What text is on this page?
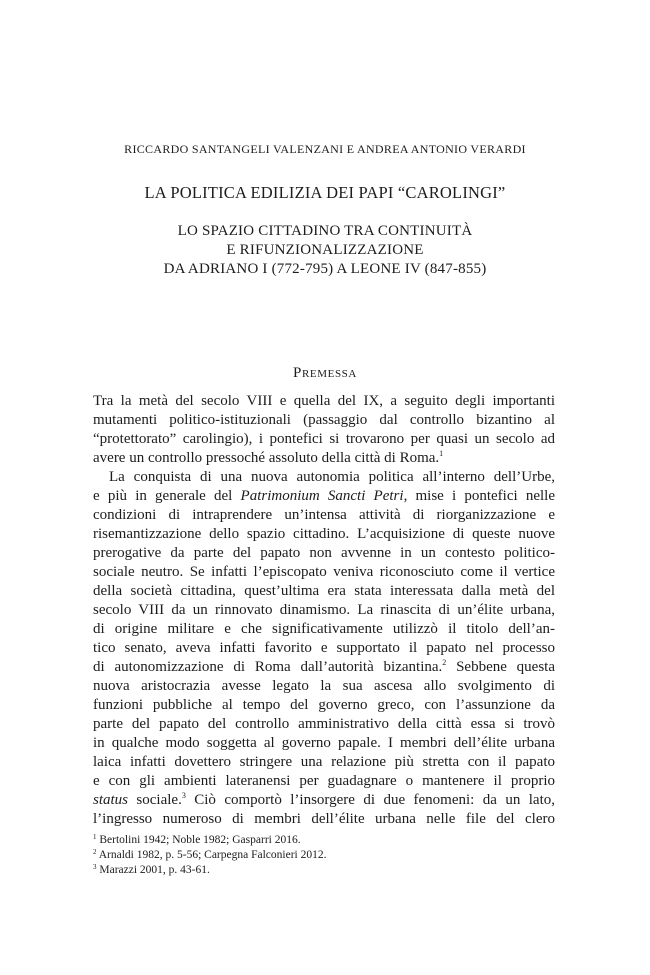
RICCARDO SANTANGELI VALENZANI E ANDREA ANTONIO VERARDI
LA POLITICA EDILIZIA DEI PAPI “CAROLINGI”
LO SPAZIO CITTADINO TRA CONTINUITÀ
E RIFUNZIONALIZZAZIONE
DA ADRIANO I (772-795) A LEONE IV (847-855)
Premessa
Tra la metà del secolo VIII e quella del IX, a seguito degli importanti
mutamenti politico-istituzionali (passaggio dal controllo bizantino al
“protettorato” carolingio), i pontefici si trovarono per quasi un secolo ad
avere un controllo pressoché assoluto della città di Roma.$^1$
La conquista di una nuova autonomia politica all’interno dell’Urbe,
e più in generale del Patrimonium Sancti Petri, mise i pontefici nelle
condizioni di intraprendere un’intensa attività di riorganizzazione e
risemantizzazione dello spazio cittadino. L’acquisizione di queste nuove
prerogative da parte del papato non avvenne in un contesto politico-
sociale neutro. Se infatti l’episcopato veniva riconosciuto come il vertice
della società cittadina, quest’ultima era stata interessata dalla metà del
secolo VIII da un rinnovato dinamismo. La rinascita di un’élite urbana,
di origine militare e che significativamente utilizzò il titolo dell’an-
tico senato, aveva infatti favorito e supportato il papato nel processo
di autonomizzazione di Roma dall’autorità bizantina.$^2$ Sebbene questa
nuova aristocrazia avesse legato la sua ascesa allo svolgimento di
funzioni pubbliche al tempo del governo greco, con l’assunzione da
parte del papato del controllo amministrativo della città essa si trovò
in qualche modo soggetta al governo papale. I membri dell’élite urbana
laica infatti dovettero stringere una relazione più stretta con il papato
e con gli ambienti lateranensi per guadagnare o mantenere il proprio
status sociale.$^3$ Ciò comportò l’insorgere di due fenomeni: da un lato,
l’ingresso numeroso di membri dell’élite urbana nelle file del clero
$^1$ Bertolini 1942; Noble 1982; Gasparri 2016.
$^2$ Arnaldi 1982, p. 5-56; Carpegna Falconieri 2012.
$^3$ Marazzi 2001, p. 43-61.
